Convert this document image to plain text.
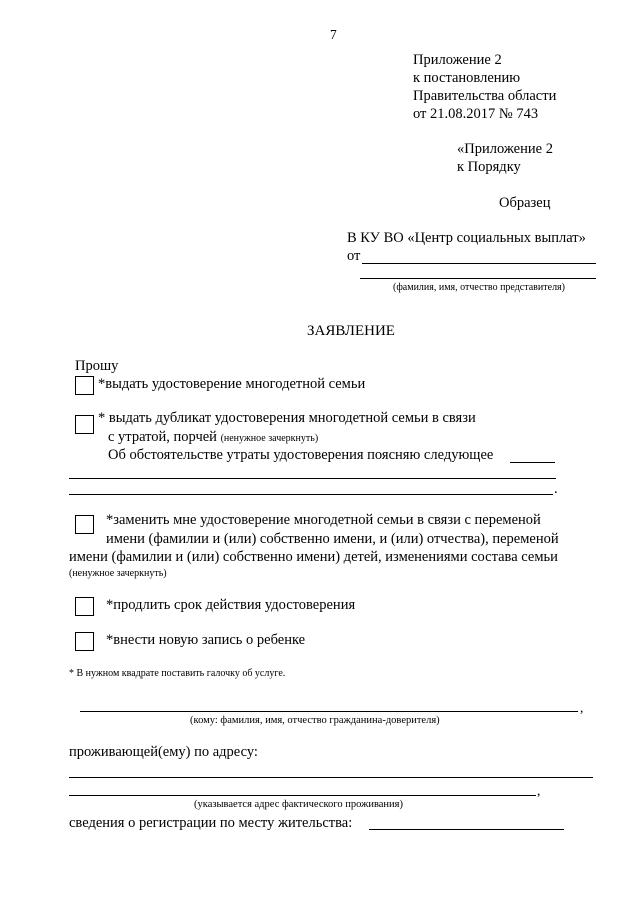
7
Приложение 2
к постановлению
Правительства области
от 21.08.2017 № 743
«Приложение 2
к Порядку
Образец
В КУ ВО «Центр социальных выплат»
от
(фамилия, имя, отчество представителя)
ЗАЯВЛЕНИЕ
Прошу
*выдать удостоверение многодетной семьи
* выдать дубликат удостоверения многодетной семьи в связи
с утратой, порчей (ненужное зачеркнуть)
Об обстоятельстве утраты удостоверения поясняю следующее
.
*заменить мне удостоверение многодетной семьи в связи с переменой
имени (фамилии и (или) собственно имени, и (или) отчества), переменой
имени (фамилии и (или) собственно имени) детей, изменениями состава семьи
(ненужное зачеркнуть)
*продлить срок действия удостоверения
*внести новую запись о ребенке
* В нужном квадрате поставить галочку об услуге.
,
(кому: фамилия, имя, отчество гражданина-доверителя)
проживающей(ему) по адресу:
,
(указывается адрес фактического проживания)
сведения о регистрации по месту жительства:
